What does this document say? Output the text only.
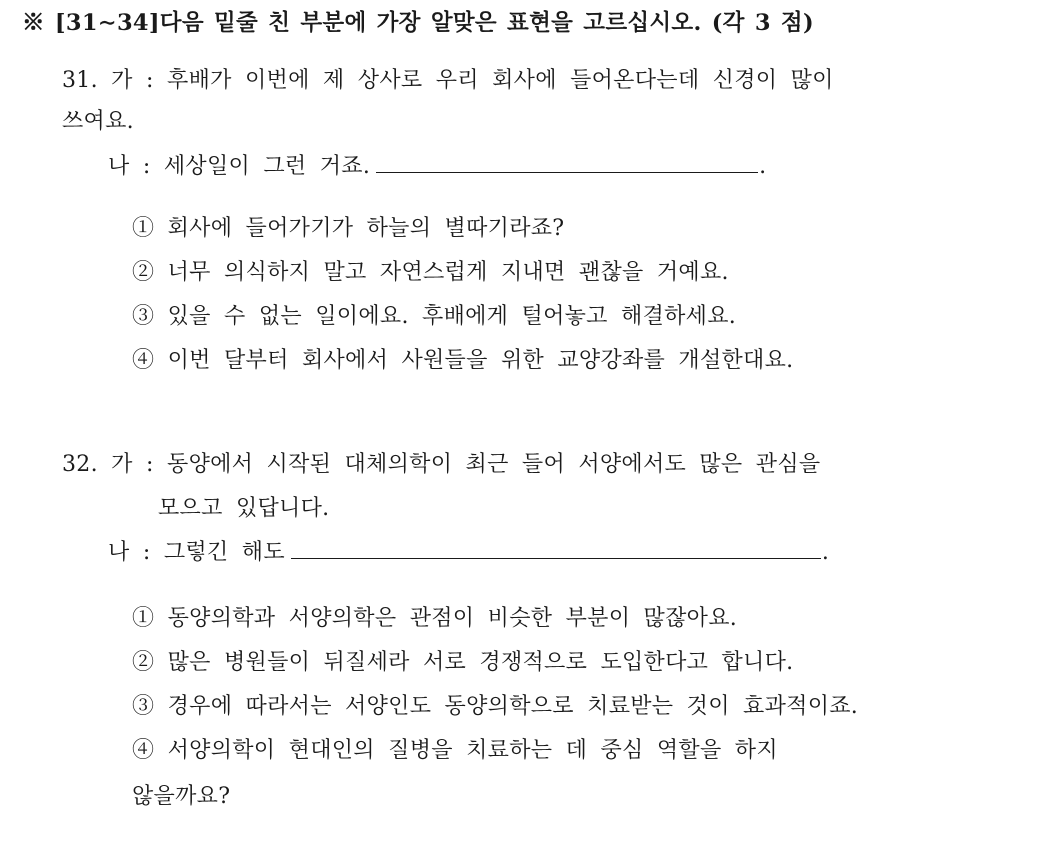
※ [31∼34]다음 밑줄 친 부분에 가장 알맞은 표현을 고르십시오. (각 3 점)
31. 가 : 후배가 이번에 제 상사로 우리 회사에 들어온다는데 신경이 많이
쓰여요.
나 : 세상일이 그런 거죠.	.
① 회사에 들어가기가 하늘의 별따기라죠?
② 너무 의식하지 말고 자연스럽게 지내면 괜찮을 거예요.
③ 있을 수 없는 일이에요. 후배에게 털어놓고 해결하세요.
④ 이번 달부터 회사에서 사원들을 위한 교양강좌를 개설한대요.
32. 가 : 동양에서 시작된 대체의학이 최근 들어 서양에서도 많은 관심을
모으고 있답니다.
나 : 그렇긴 해도	.
① 동양의학과 서양의학은 관점이 비슷한 부분이 많잖아요.
② 많은 병원들이 뒤질세라 서로 경쟁적으로 도입한다고 합니다.
③ 경우에 따라서는 서양인도 동양의학으로 치료받는 것이 효과적이죠.
④ 서양의학이 현대인의 질병을 치료하는 데 중심 역할을 하지
않을까요?
